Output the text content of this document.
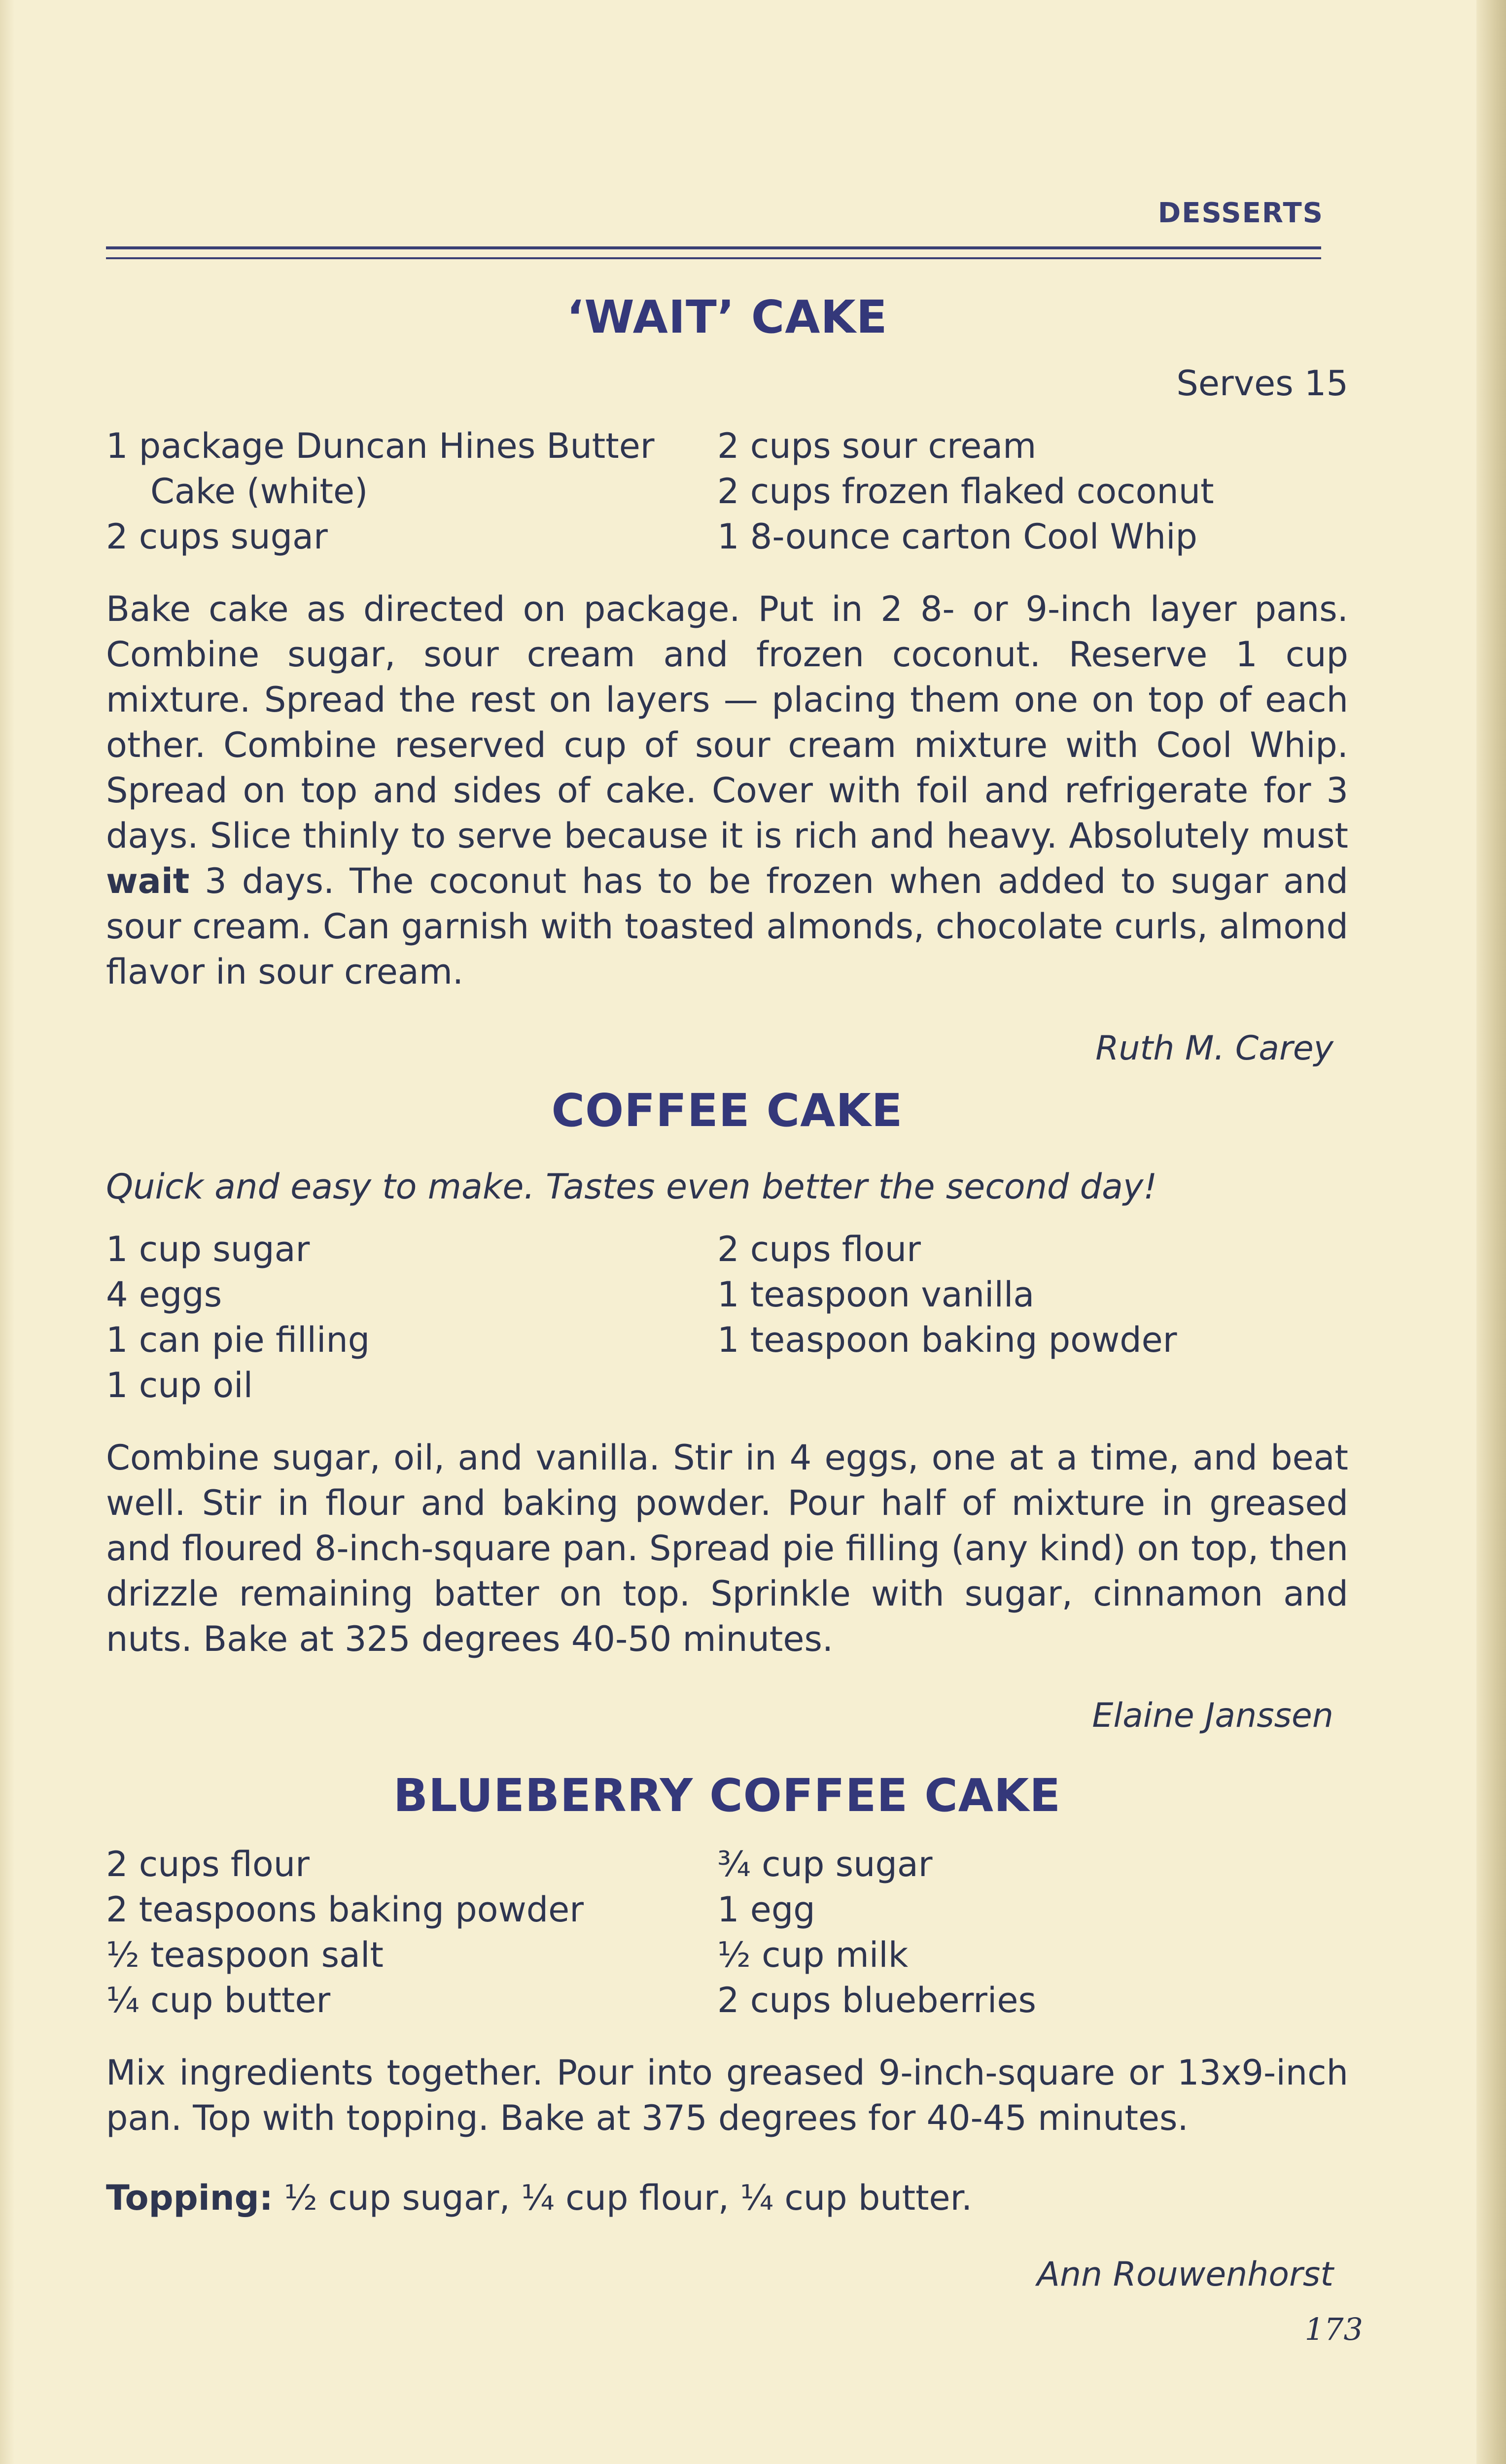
DESSERTS
‘WAIT’ CAKE
Serves 15
1 package Duncan Hines Butter
Cake (white)
2 cups sugar
2 cups sour cream
2 cups frozen flaked coconut
1 8-ounce carton Cool Whip

Bake cake as directed on package. Put in 2 8- or 9-inch layer pans. Combine sugar, sour cream and frozen coconut. Reserve 1 cup mixture. Spread the rest on layers — placing them one on top of each other. Combine reserved cup of sour cream mixture with Cool Whip. Spread on top and sides of cake. Cover with foil and refrigerate for 3 days. Slice thinly to serve because it is rich and heavy. Absolutely must wait 3 days. The coconut has to be frozen when added to sugar and sour cream. Can garnish with toasted almonds, chocolate curls, almond flavor in sour cream.

Ruth M. Carey
COFFEE CAKE
Quick and easy to make. Tastes even better the second day!
1 cup sugar
4 eggs
1 can pie filling
1 cup oil
2 cups flour
1 teaspoon vanilla
1 teaspoon baking powder

Combine sugar, oil, and vanilla. Stir in 4 eggs, one at a time, and beat well. Stir in flour and baking powder. Pour half of mixture in greased and floured 8-inch-square pan. Spread pie filling (any kind) on top, then drizzle remaining batter on top. Sprinkle with sugar, cinnamon and nuts. Bake at 325 degrees 40-50 minutes.

Elaine Janssen
BLUEBERRY COFFEE CAKE
2 cups flour
2 teaspoons baking powder
½ teaspoon salt
¼ cup butter
¾ cup sugar
1 egg
½ cup milk
2 cups blueberries

Mix ingredients together. Pour into greased 9-inch-square or 13x9-inch pan. Top with topping. Bake at 375 degrees for 40-45 minutes.

Topping: ½ cup sugar, ¼ cup flour, ¼ cup butter.

Ann Rouwenhorst
173
